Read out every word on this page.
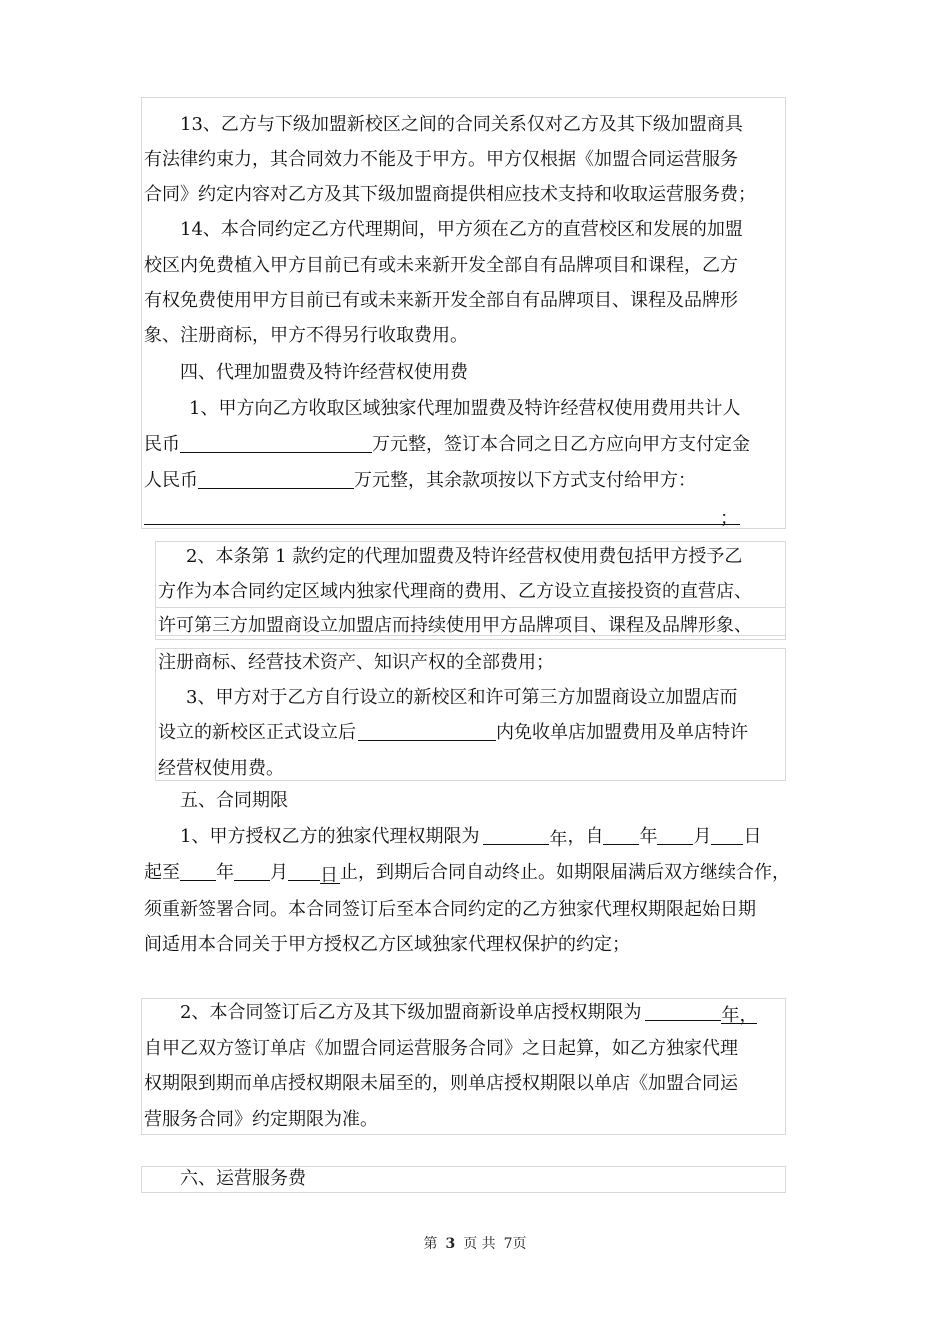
13、乙方与下级加盟新校区之间的合同关系仅对乙方及其下级加盟商具
有法律约束力，其合同效力不能及于甲方。甲方仅根据《加盟合同运营服务
合同》约定内容对乙方及其下级加盟商提供相应技术支持和收取运营服务费；
14、本合同约定乙方代理期间，甲方须在乙方的直营校区和发展的加盟
校区内免费植入甲方目前已有或未来新开发全部自有品牌项目和课程，乙方
有权免费使用甲方目前已有或未来新开发全部自有品牌项目、课程及品牌形
象、注册商标，甲方不得另行收取费用。
四、代理加盟费及特许经营权使用费
1、甲方向乙方收取区域独家代理加盟费及特许经营权使用费用共计人
民币	万元整，签订本合同之日乙方应向甲方支付定金
人民币	万元整，其余款项按以下方式支付给甲方：
；
2、本条第 1 款约定的代理加盟费及特许经营权使用费包括甲方授予乙
方作为本合同约定区域内独家代理商的费用、乙方设立直接投资的直营店、
许可第三方加盟商设立加盟店而持续使用甲方品牌项目、课程及品牌形象、
注册商标、经营技术资产、知识产权的全部费用；
3、甲方对于乙方自行设立的新校区和许可第三方加盟商设立加盟店而
设立的新校区正式设立后	内免收单店加盟费用及单店特许
经营权使用费。
五、合同期限
1、甲方授权乙方的独家代理权期限为	年，自 年 月 日
起至 年 月 日 止，到期后合同自动终止。如期限届满后双方继续合作，
须重新签署合同。本合同签订后至本合同约定的乙方独家代理权期限起始日期
间适用本合同关于甲方授权乙方区域独家代理权保护的约定；
2、本合同签订后乙方及其下级加盟商新设单店授权期限为	年，
自甲乙双方签订单店《加盟合同运营服务合同》之日起算，如乙方独家代理
权期限到期而单店授权期限未届至的，则单店授权期限以单店《加盟合同运
营服务合同》约定期限为准。
六、运营服务费
第 3 页 共 7页
